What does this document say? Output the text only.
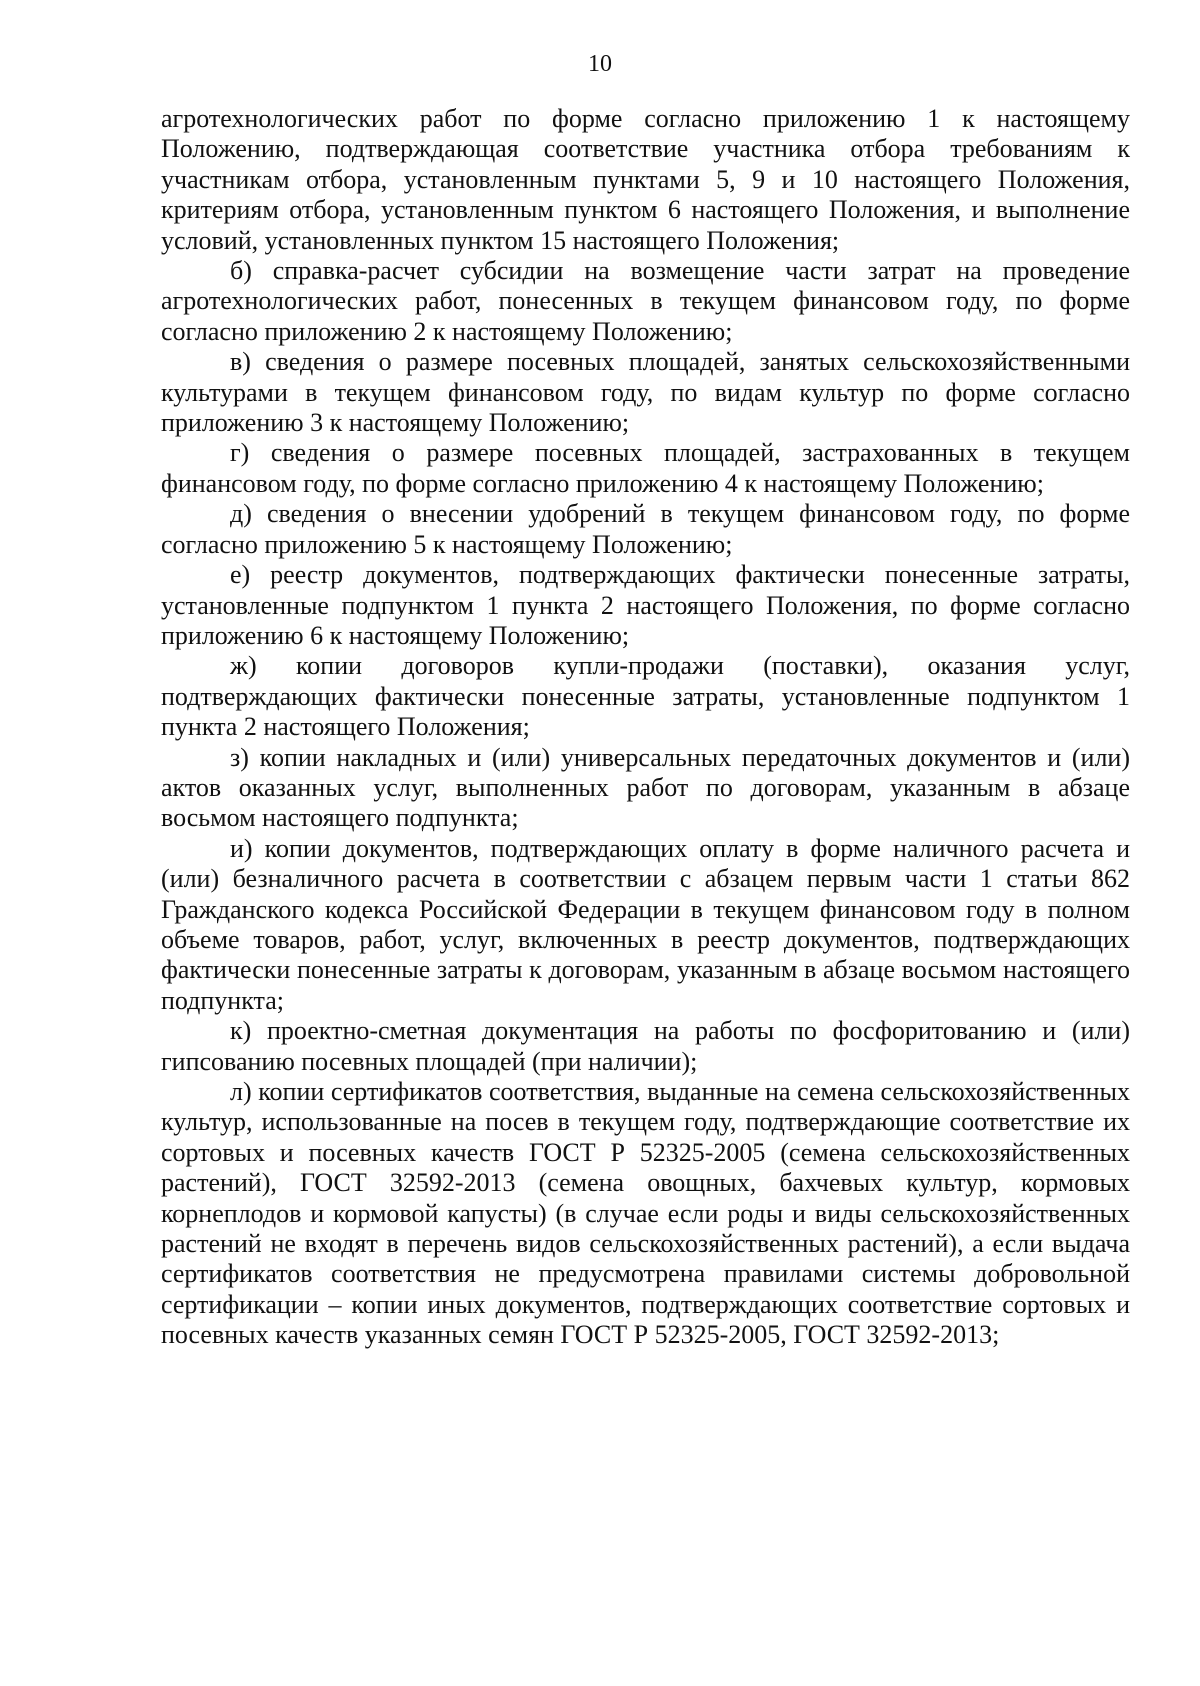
10

агротехнологических работ по форме согласно приложению 1 к настоящему Положению, подтверждающая соответствие участника отбора требованиям к участникам отбора, установленным пунктами 5, 9 и 10 настоящего Положения, критериям отбора, установленным пунктом 6 настоящего Положения, и выполнение условий, установленных пунктом 15 настоящего Положения;

б) справка-расчет субсидии на возмещение части затрат на проведение агротехнологических работ, понесенных в текущем финансовом году, по форме согласно приложению 2 к настоящему Положению;

в) сведения о размере посевных площадей, занятых сельскохозяйственными культурами в текущем финансовом году, по видам культур по форме согласно приложению 3 к настоящему Положению;

г) сведения о размере посевных площадей, застрахованных в текущем финансовом году, по форме согласно приложению 4 к настоящему Положению;

д) сведения о внесении удобрений в текущем финансовом году, по форме согласно приложению 5 к настоящему Положению;

е) реестр документов, подтверждающих фактически понесенные затраты, установленные подпунктом 1 пункта 2 настоящего Положения, по форме согласно приложению 6 к настоящему Положению;

ж) копии договоров купли-продажи (поставки), оказания услуг, подтверждающих фактически понесенные затраты, установленные подпунктом 1 пункта 2 настоящего Положения;

з) копии накладных и (или) универсальных передаточных документов и (или) актов оказанных услуг, выполненных работ по договорам, указанным в абзаце восьмом настоящего подпункта;

и) копии документов, подтверждающих оплату в форме наличного расчета и (или) безналичного расчета в соответствии с абзацем первым части 1 статьи 862 Гражданского кодекса Российской Федерации в текущем финансовом году в полном объеме товаров, работ, услуг, включенных в реестр документов, подтверждающих фактически понесенные затраты к договорам, указанным в абзаце восьмом настоящего подпункта;

к) проектно-сметная документация на работы по фосфоритованию и (или) гипсованию посевных площадей (при наличии);

л) копии сертификатов соответствия, выданные на семена сельскохозяйственных культур, использованные на посев в текущем году, подтверждающие соответствие их сортовых и посевных качеств ГОСТ Р 52325-2005 (семена сельскохозяйственных растений), ГОСТ 32592-2013 (семена овощных, бахчевых культур, кормовых корнеплодов и кормовой капусты) (в случае если роды и виды сельскохозяйственных растений не входят в перечень видов сельскохозяйственных растений), а если выдача сертификатов соответствия не предусмотрена правилами системы добровольной сертификации – копии иных документов, подтверждающих соответствие сортовых и посевных качеств указанных семян ГОСТ Р 52325-2005, ГОСТ 32592-2013;
